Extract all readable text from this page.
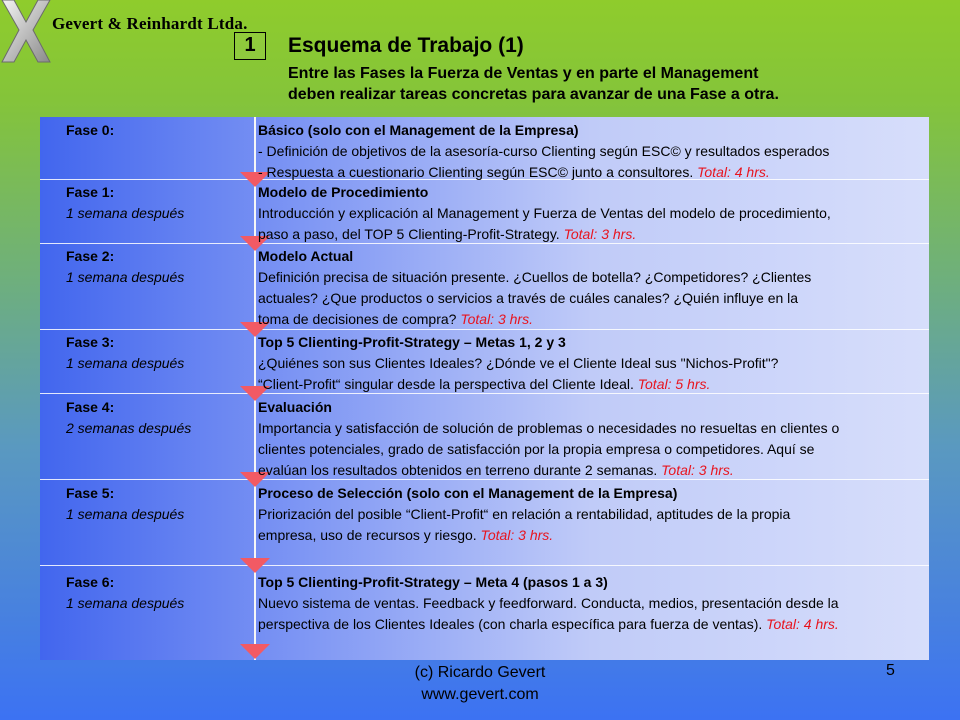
Gevert & Reinhardt Ltda.
1	Esquema de Trabajo (1)
Entre las Fases la Fuerza de Ventas y en parte el Management
deben realizar tareas concretas para avanzar de una Fase a otra.
Fase 0:	Básico (solo con el Management de la Empresa)
- Definición de objetivos de la asesoría-curso Clienting según ESC© y resultados esperados
- Respuesta a cuestionario Clienting según ESC© junto a consultores. Total: 4 hrs.
Fase 1:
1 semana después
Modelo de Procedimiento
Introducción y explicación al Management y Fuerza de Ventas del modelo de procedimiento,
paso a paso, del TOP 5 Clienting-Profit-Strategy. Total: 3 hrs.
Fase 2:
1 semana después
Modelo Actual
Definición precisa de situación presente. ¿Cuellos de botella? ¿Competidores? ¿Clientes
actuales? ¿Que productos o servicios a través de cuáles canales? ¿Quién influye en la
toma de decisiones de compra? Total: 3 hrs.
Fase 3:
1 semana después
Top 5 Clienting-Profit-Strategy – Metas 1, 2 y 3
¿Quiénes son sus Clientes Ideales? ¿Dónde ve el Cliente Ideal sus "Nichos-Profit"?
“Client-Profit“ singular desde la perspectiva del Cliente Ideal. Total: 5 hrs.
Fase 4:
2 semanas después
Evaluación
Importancia y satisfacción de solución de problemas o necesidades no resueltas en clientes o
clientes potenciales, grado de satisfacción por la propia empresa o competidores. Aquí se
evalúan los resultados obtenidos en terreno durante 2 semanas. Total: 3 hrs.
Fase 5:
1 semana después
Proceso de Selección (solo con el Management de la Empresa)
Priorización del posible “Client-Profit“ en relación a rentabilidad, aptitudes de la propia
empresa, uso de recursos y riesgo. Total: 3 hrs.
Fase 6:
1 semana después
Top 5 Clienting-Profit-Strategy – Meta 4 (pasos 1 a 3)
Nuevo sistema de ventas. Feedback y feedforward. Conducta, medios, presentación desde la
perspectiva de los Clientes Ideales (con charla específica para fuerza de ventas). Total: 4 hrs.
(c) Ricardo Gevert
www.gevert.com
5
